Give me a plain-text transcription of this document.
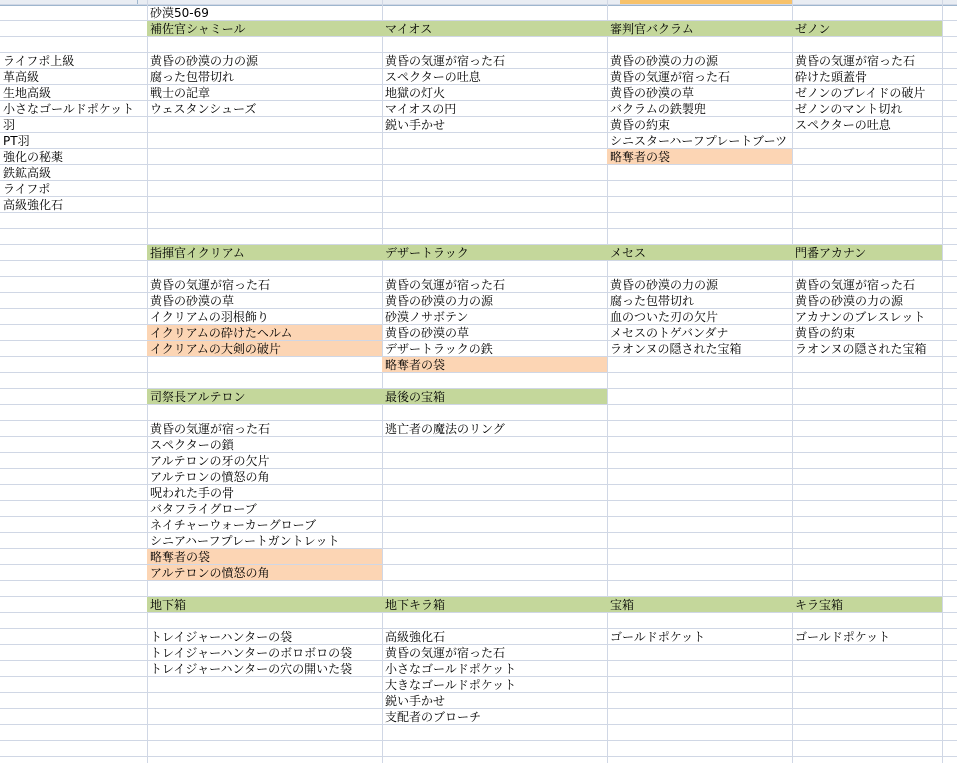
砂漠50-69
ライフポ上級
革高級
生地高級
小さなゴールドポケット
羽
PT羽
強化の秘薬
鉄鉱高級
ライフポ
高級強化石
補佐官シャミール
黄昏の砂漠の力の源
腐った包帯切れ
戦士の記章
ウェスタンシューズ
マイオス
黄昏の気運が宿った石
スペクターの吐息
地獄の灯火
マイオスの円
鋭い手かせ
審判官バクラム
黄昏の砂漠の力の源
黄昏の気運が宿った石
黄昏の砂漠の草
バクラムの鉄製兜
黄昏の約束
シニスターハーフプレートブーツ
略奪者の袋
ゼノン
黄昏の気運が宿った石
砕けた頭蓋骨
ゼノンのブレイドの破片
ゼノンのマント切れ
スペクターの吐息
指揮官イクリアム
黄昏の気運が宿った石
黄昏の砂漠の草
イクリアムの羽根飾り
イクリアムの砕けたヘルム
イクリアムの大剣の破片
デザートラック
黄昏の気運が宿った石
黄昏の砂漠の力の源
砂漠ノサボテン
黄昏の砂漠の草
デザートラックの鉄
略奪者の袋
メセス
黄昏の砂漠の力の源
腐った包帯切れ
血のついた刃の欠片
メセスのトゲバンダナ
ラオンヌの隠された宝箱
門番アカナン
黄昏の気運が宿った石
黄昏の砂漠の力の源
アカナンのブレスレット
黄昏の約束
ラオンヌの隠された宝箱
司祭長アルテロン
黄昏の気運が宿った石
スペクターの鎖
アルテロンの牙の欠片
アルテロンの憤怒の角
呪われた手の骨
バタフライグローブ
ネイチャーウォーカーグローブ
シニアハーフプレートガントレット
略奪者の袋
アルテロンの憤怒の角
最後の宝箱
逃亡者の魔法のリング
地下箱
トレイジャーハンターの袋
トレイジャーハンターのボロボロの袋
トレイジャーハンターの穴の開いた袋
地下キラ箱
高級強化石
黄昏の気運が宿った石
小さなゴールドポケット
大きなゴールドポケット
鋭い手かせ
支配者のブローチ
宝箱
ゴールドポケット
キラ宝箱
ゴールドポケット
